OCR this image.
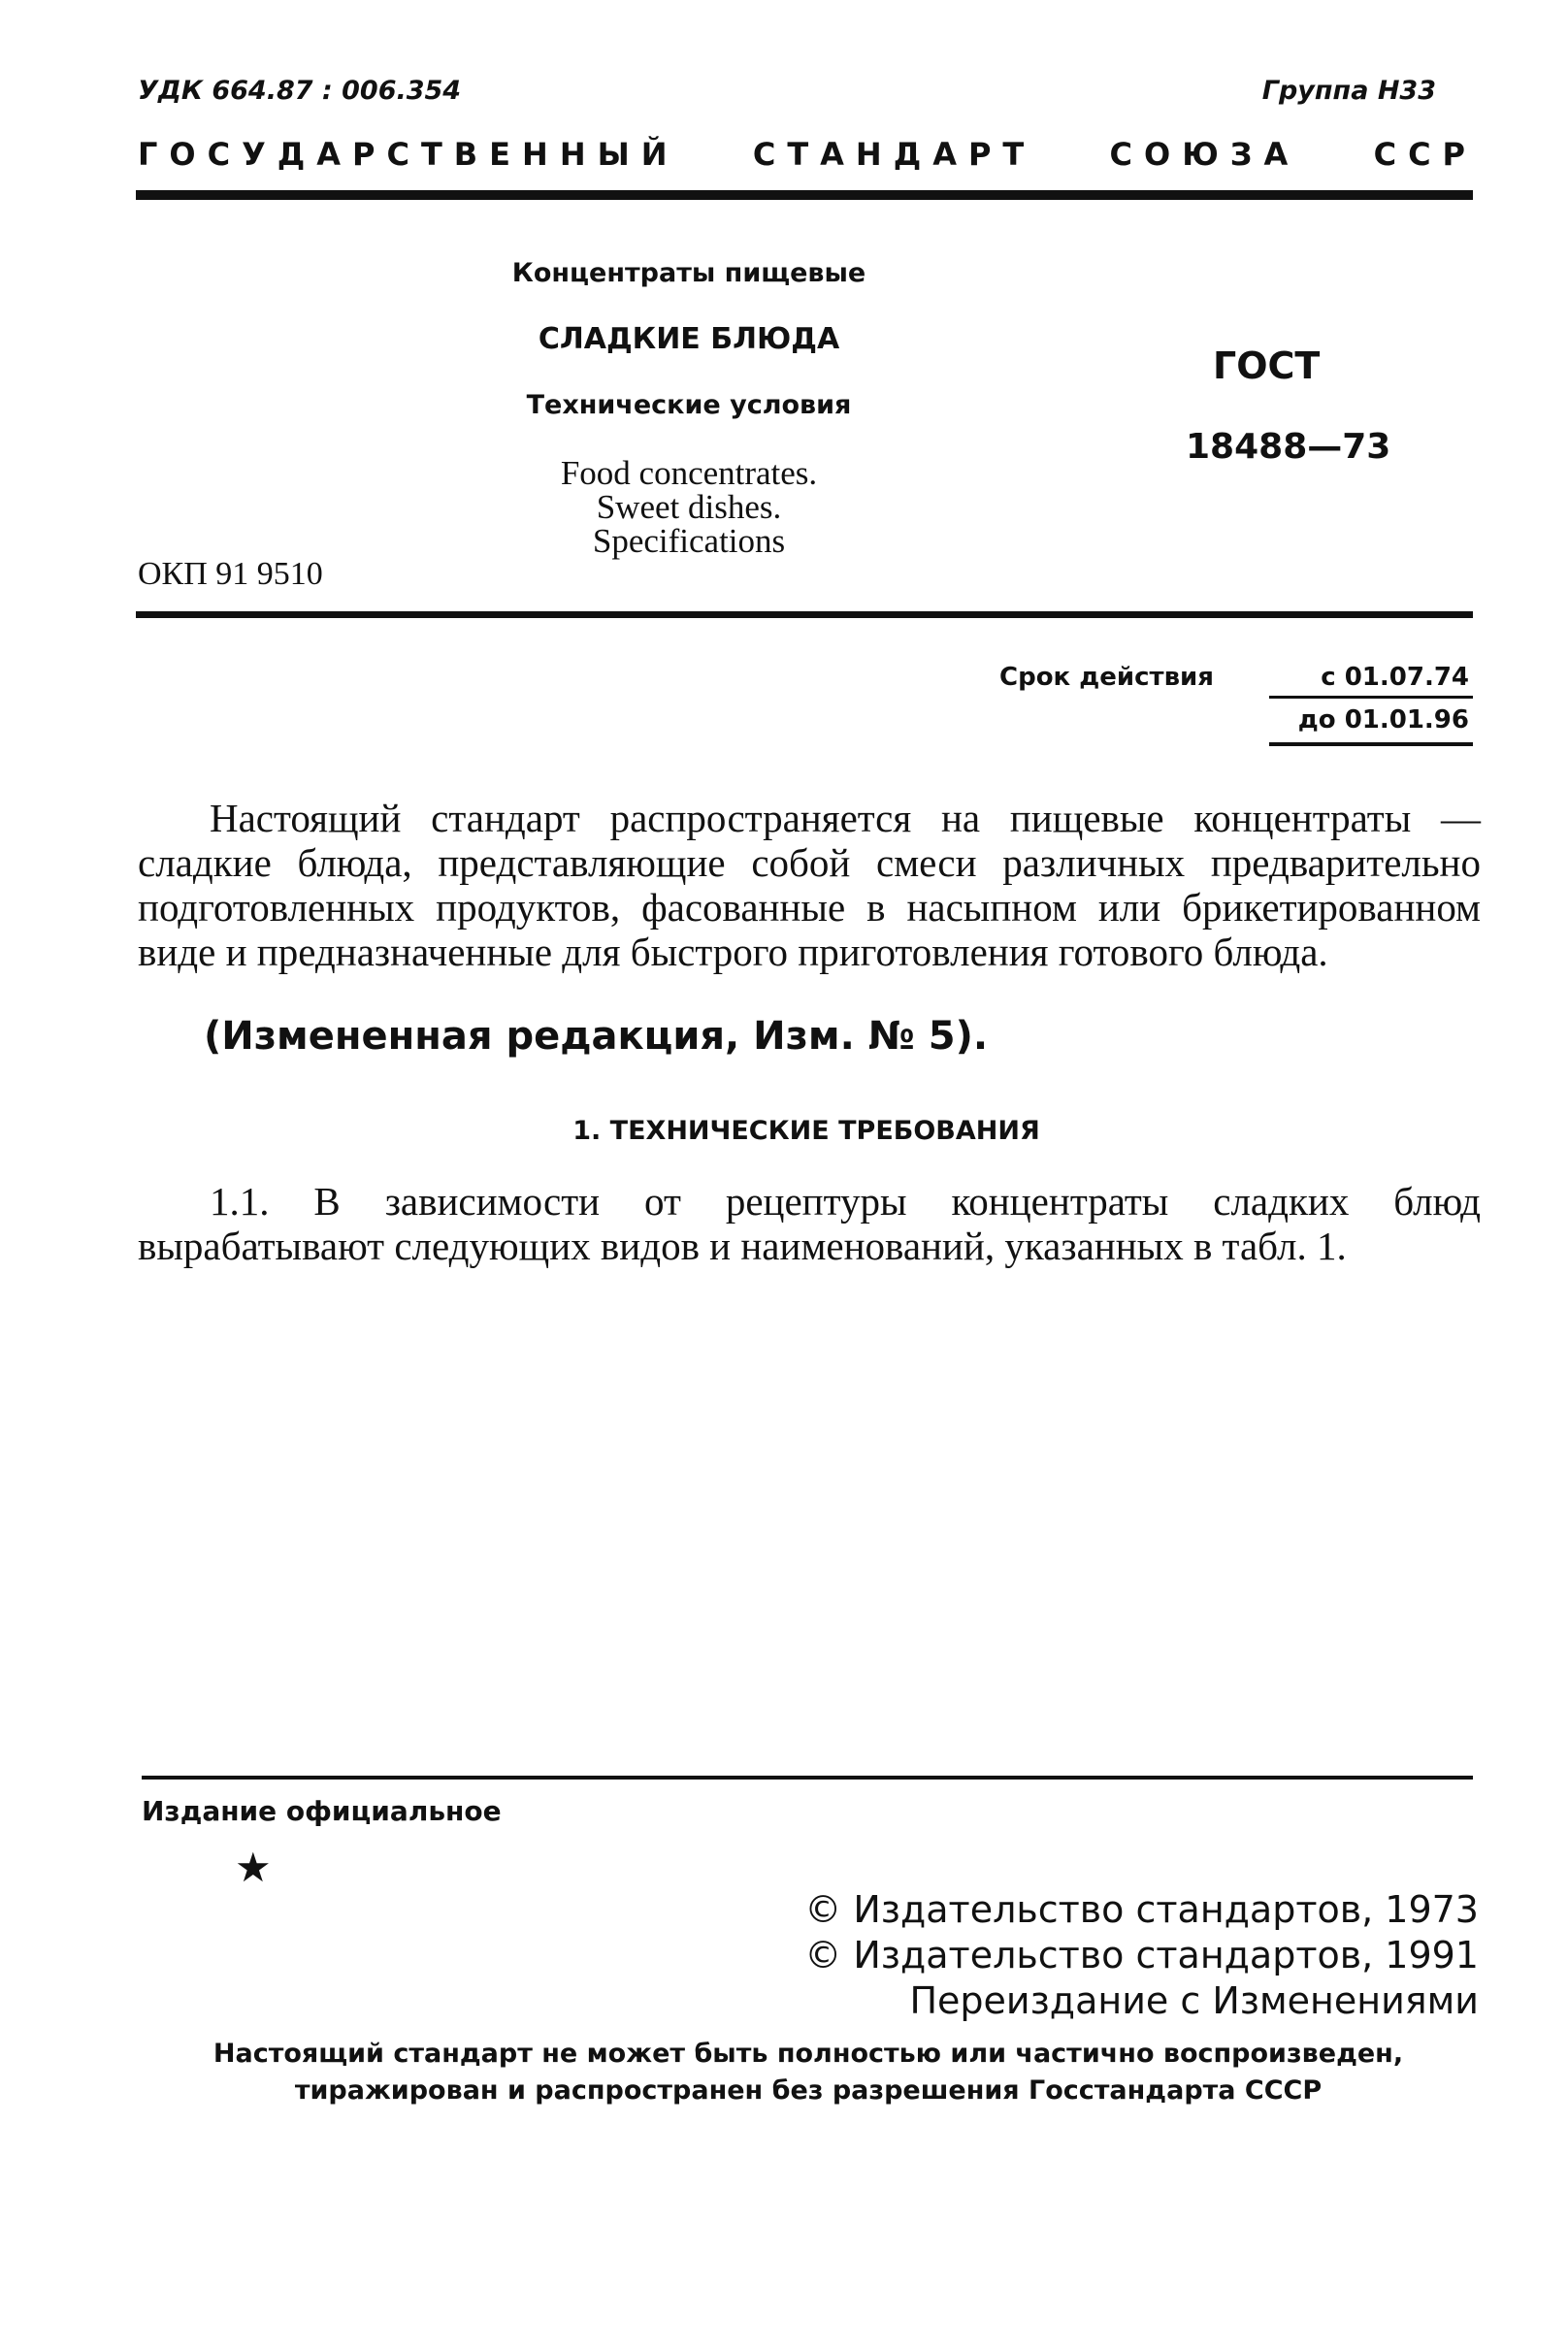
УДК 664.87 : 006.354	Группа Н33
ГОСУДАРСТВЕННЫЙ СТАНДАРТ СОЮЗА ССР
Концентраты пищевые
СЛАДКИЕ БЛЮДА
Технические условия
Food concentrates.
Sweet dishes.
Specifications
ГОСТ
18488—73
ОКП 91 9510
Срок действия	с 01.07.74
до 01.01.96
Настоящий стандарт распространяется на пищевые концентраты — сладкие блюда, представляющие собой смеси различных предварительно подготовленных продуктов, фасованные в насыпном или брикетированном виде и предназначенные для быстрого приготовления готового блюда.
(Измененная редакция, Изм. № 5).
1. ТЕХНИЧЕСКИЕ ТРЕБОВАНИЯ
1.1. В зависимости от рецептуры концентраты сладких блюд вырабатывают следующих видов и наименований, указанных в табл. 1.
Издание официальное
★
© Издательство стандартов, 1973
© Издательство стандартов, 1991
Переиздание с Изменениями
Настоящий стандарт не может быть полностью или частично воспроизведен,
тиражирован и распространен без разрешения Госстандарта СССР
